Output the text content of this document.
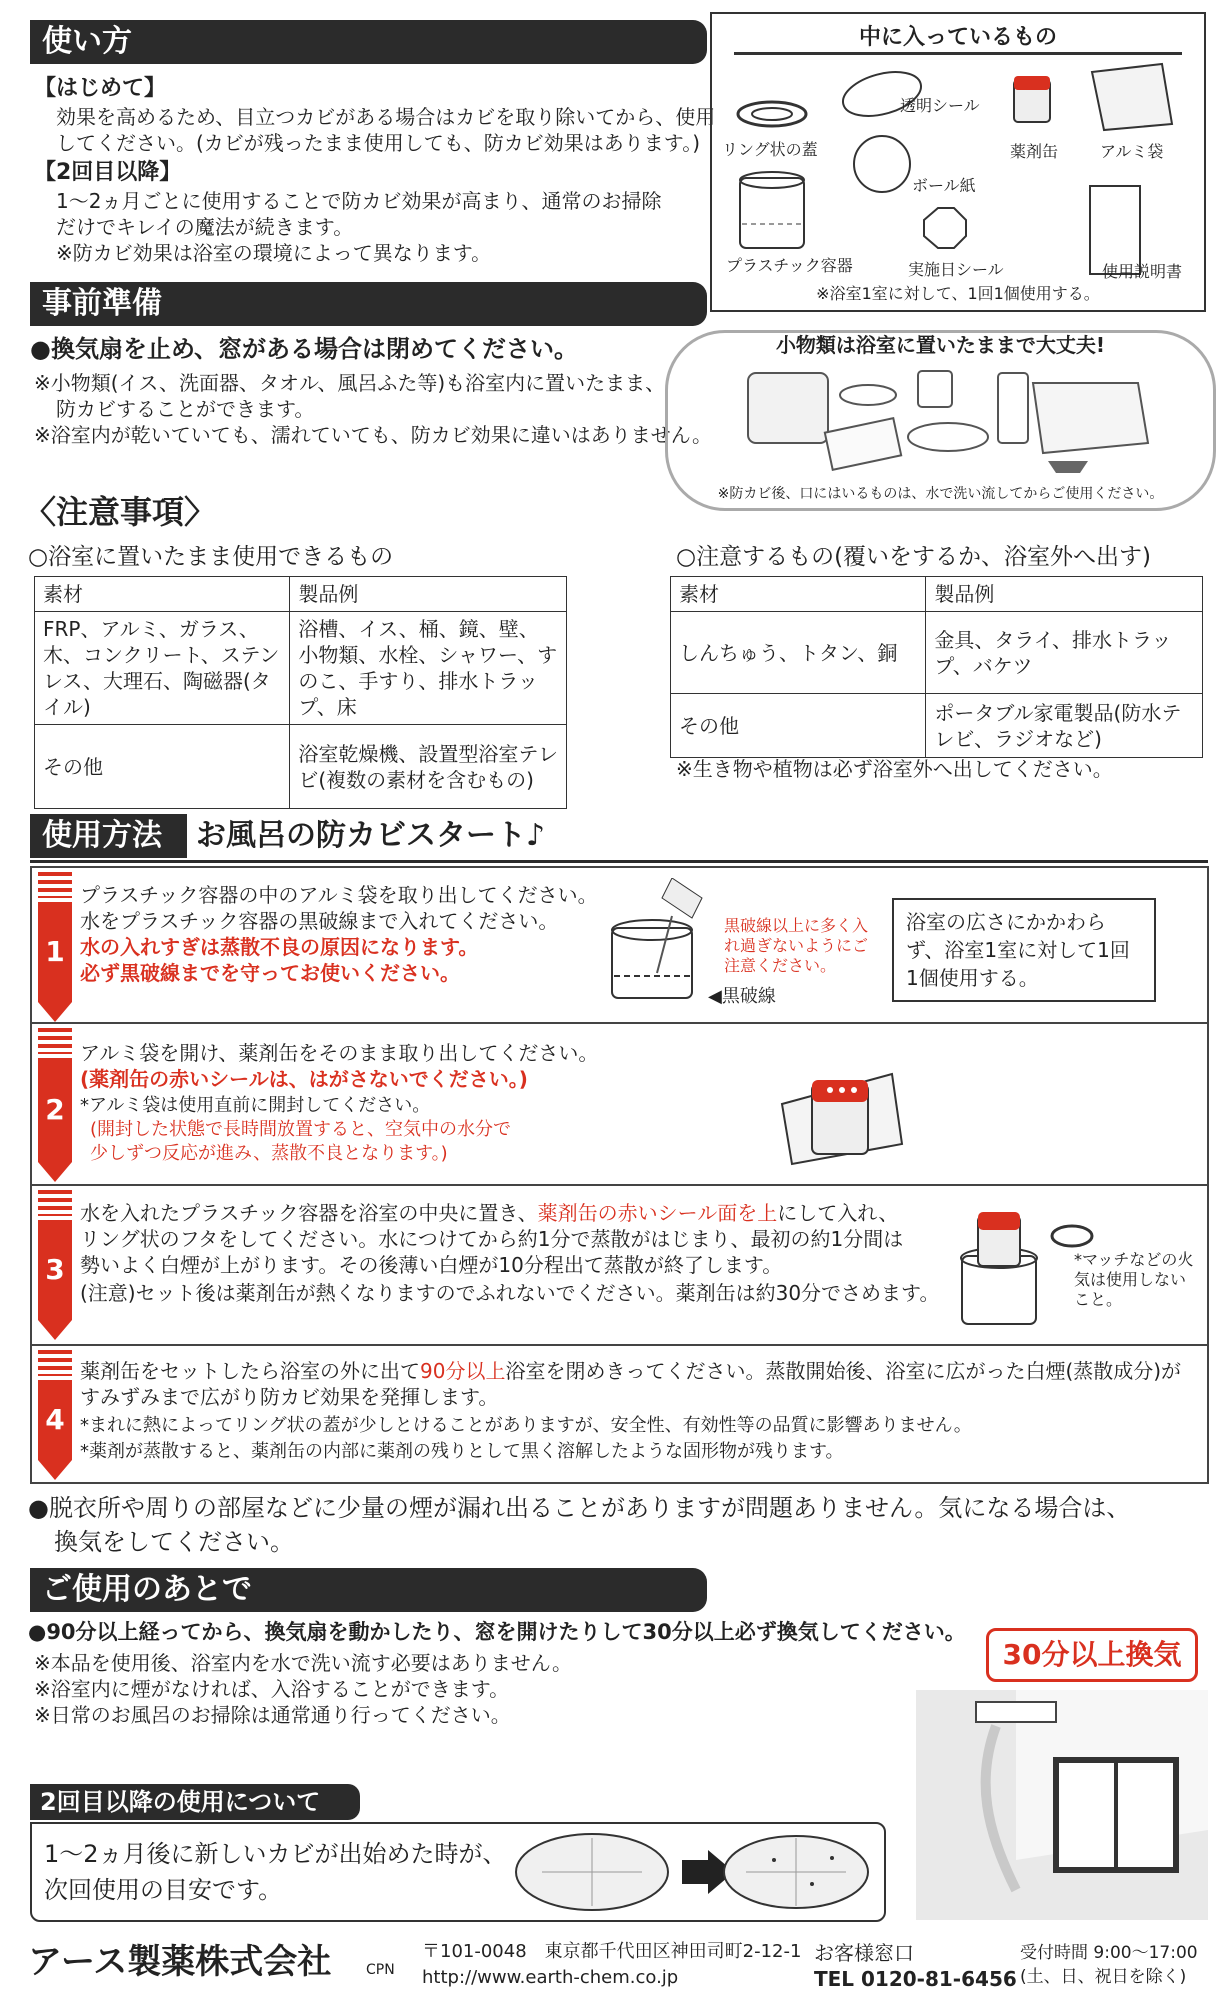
使い方
【はじめて】
効果を高めるため、目立つカビがある場合はカビを取り除いてから、使用
してください。(カビが残ったまま使用しても、防カビ効果はあります。)
【2回目以降】
1～2ヵ月ごとに使用することで防カビ効果が高まり、通常のお掃除
だけでキレイの魔法が続きます。
※防カビ効果は浴室の環境によって異なります。
中に入っているもの
透明シール
リング状の蓋	薬剤缶	アルミ袋
ボール紙
プラスチック容器	実施日シール	使用説明書
※浴室1室に対して、1回1個使用する。
事前準備
●換気扇を止め、窓がある場合は閉めてください。
※小物類(イス、洗面器、タオル、風呂ふた等)も浴室内に置いたまま、
防カビすることができます。
※浴室内が乾いていても、濡れていても、防カビ効果に違いはありません。
小物類は浴室に置いたままで大丈夫!
※防カビ後、口にはいるものは、水で洗い流してからご使用ください。
〈注意事項〉
○浴室に置いたまま使用できるもの	○注意するもの(覆いをするか、浴室外へ出す)
素材	製品例
FRP、アルミ、ガラス、木、コンクリート、ステンレス、大理石、陶磁器(タイル)	浴槽、イス、桶、鏡、壁、小物類、水栓、シャワー、すのこ、手すり、排水トラップ、床
その他	浴室乾燥機、設置型浴室テレビ(複数の素材を含むもの)
素材	製品例
しんちゅう、トタン、銅	金具、タライ、排水トラップ、バケツ
その他	ポータブル家電製品(防水テレビ、ラジオなど)
※生き物や植物は必ず浴室外へ出してください。
使用方法	お風呂の防カビスタート♪
1
プラスチック容器の中のアルミ袋を取り出してください。
水をプラスチック容器の黒破線まで入れてください。
水の入れすぎは蒸散不良の原因になります。
必ず黒破線までを守ってお使いください。
黒破線以上に多く入れ過ぎないようにご注意ください。
◀黒破線
浴室の広さにかかわらず、浴室1室に対して1回1個使用する。
2
アルミ袋を開け、薬剤缶をそのまま取り出してください。
(薬剤缶の赤いシールは、はがさないでください。)
*アルミ袋は使用直前に開封してください。
(開封した状態で長時間放置すると、空気中の水分で
少しずつ反応が進み、蒸散不良となります。)
3
水を入れたプラスチック容器を浴室の中央に置き、薬剤缶の赤いシール面を上にして入れ、
リング状のフタをしてください。水につけてから約1分で蒸散がはじまり、最初の約1分間は
勢いよく白煙が上がります。その後薄い白煙が10分程出て蒸散が終了します。
(注意)セット後は薬剤缶が熱くなりますのでふれないでください。薬剤缶は約30分でさめます。
*マッチなどの火気は使用しないこと。
4
薬剤缶をセットしたら浴室の外に出て90分以上浴室を閉めきってください。蒸散開始後、浴室に広がった白煙(蒸散成分)が
すみずみまで広がり防カビ効果を発揮します。
*まれに熱によってリング状の蓋が少しとけることがありますが、安全性、有効性等の品質に影響ありません。
*薬剤が蒸散すると、薬剤缶の内部に薬剤の残りとして黒く溶解したような固形物が残ります。
●脱衣所や周りの部屋などに少量の煙が漏れ出ることがありますが問題ありません。気になる場合は、
換気をしてください。
ご使用のあとで
●90分以上経ってから、換気扇を動かしたり、窓を開けたりして30分以上必ず換気してください。
※本品を使用後、浴室内を水で洗い流す必要はありません。
※浴室内に煙がなければ、入浴することができます。
※日常のお風呂のお掃除は通常通り行ってください。
30分以上換気
2回目以降の使用について
1～2ヵ月後に新しいカビが出始めた時が、
次回使用の目安です。
アース製薬株式会社 CPN
〒101-0048　東京都千代田区神田司町2-12-1
http://www.earth-chem.co.jp
お客様窓口
TEL 0120-81-6456
受付時間 9:00～17:00
(土、日、祝日を除く)
